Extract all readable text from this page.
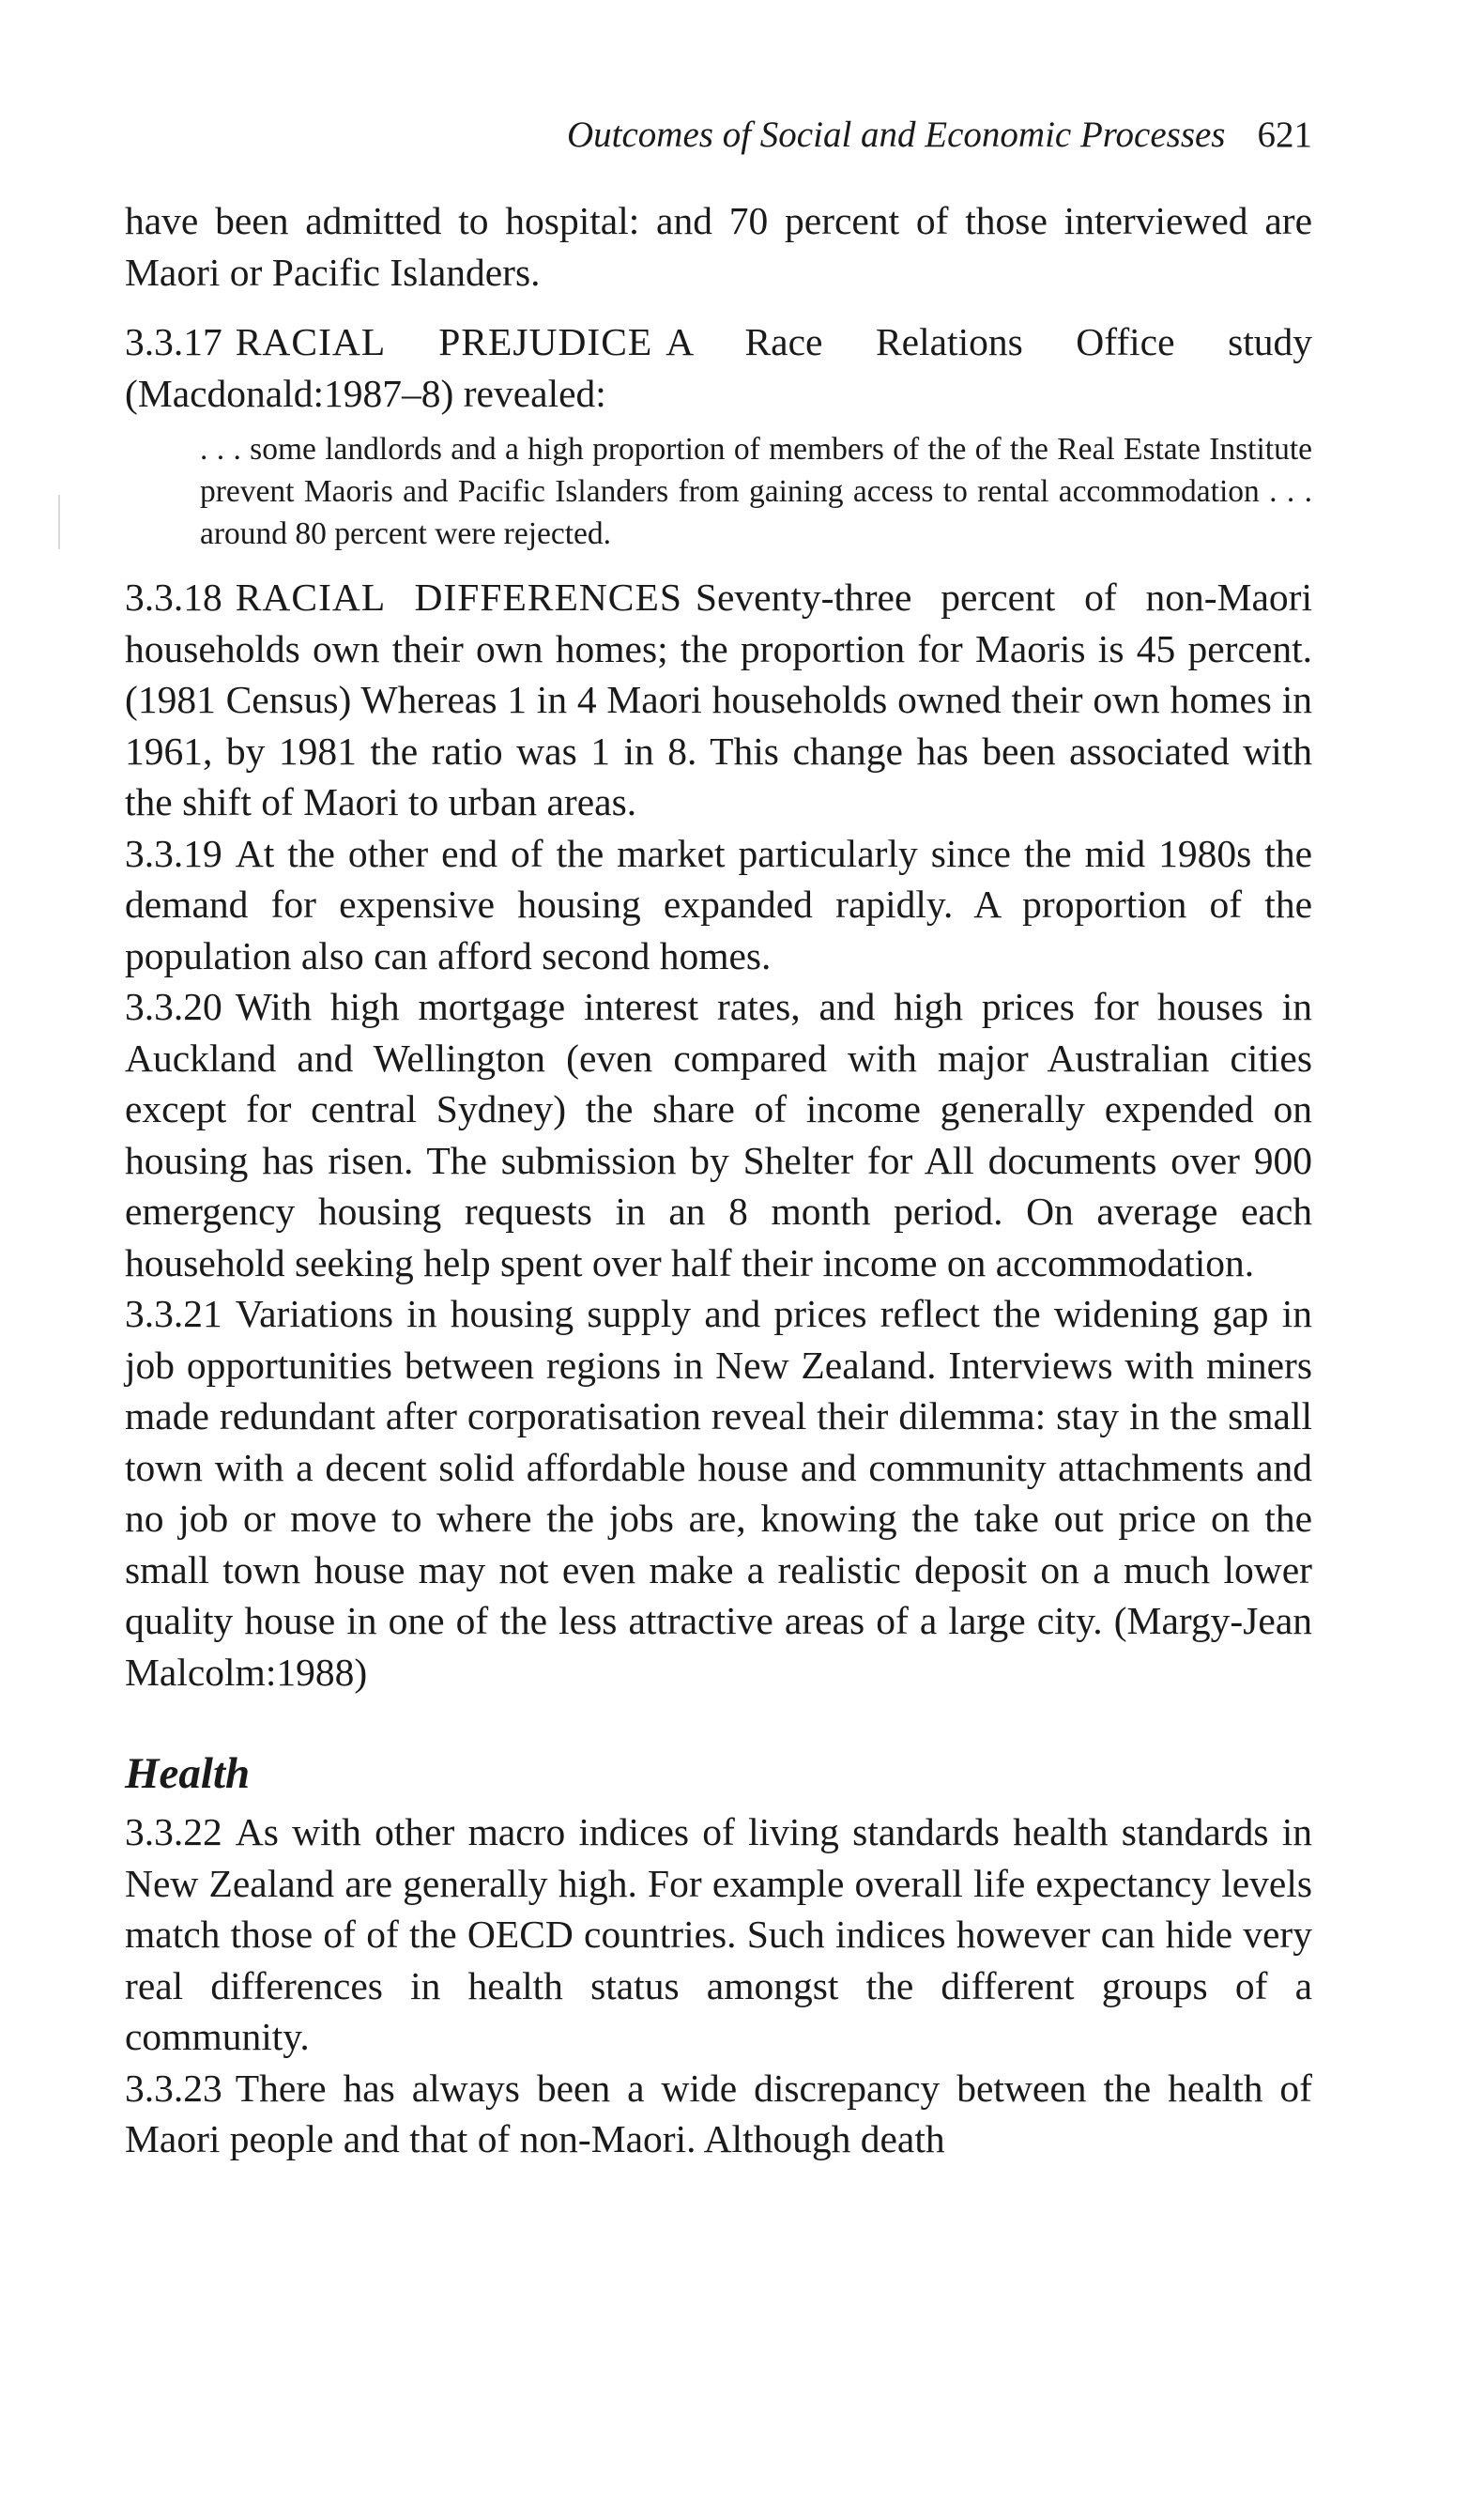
Outcomes of Social and Economic Processes 621

have been admitted to hospital: and 70 percent of those interviewed are Maori or Pacific Islanders.

3.3.17 RACIAL PREJUDICE A Race Relations Office study (Macdonald:1987–8) revealed:

. . . some landlords and a high proportion of members of the of the Real Estate Institute prevent Maoris and Pacific Islanders from gaining access to rental accommodation . . . around 80 percent were rejected.

3.3.18 RACIAL DIFFERENCES Seventy-three percent of non-Maori households own their own homes; the proportion for Maoris is 45 percent. (1981 Census) Whereas 1 in 4 Maori households owned their own homes in 1961, by 1981 the ratio was 1 in 8. This change has been associated with the shift of Maori to urban areas.

3.3.19 At the other end of the market particularly since the mid 1980s the demand for expensive housing expanded rapidly. A proportion of the population also can afford second homes.

3.3.20 With high mortgage interest rates, and high prices for houses in Auckland and Wellington (even compared with major Australian cities except for central Sydney) the share of income generally expended on housing has risen. The submission by Shelter for All documents over 900 emergency housing requests in an 8 month period. On average each household seeking help spent over half their income on accommodation.

3.3.21 Variations in housing supply and prices reflect the widening gap in job opportunities between regions in New Zealand. Interviews with miners made redundant after corporatisation reveal their dilemma: stay in the small town with a decent solid affordable house and community attachments and no job or move to where the jobs are, knowing the take out price on the small town house may not even make a realistic deposit on a much lower quality house in one of the less attractive areas of a large city. (Margy-Jean Malcolm:1988)

Health

3.3.22 As with other macro indices of living standards health standards in New Zealand are generally high. For example overall life expectancy levels match those of of the OECD countries. Such indices however can hide very real differences in health status amongst the different groups of a community.

3.3.23 There has always been a wide discrepancy between the health of Maori people and that of non-Maori. Although death
